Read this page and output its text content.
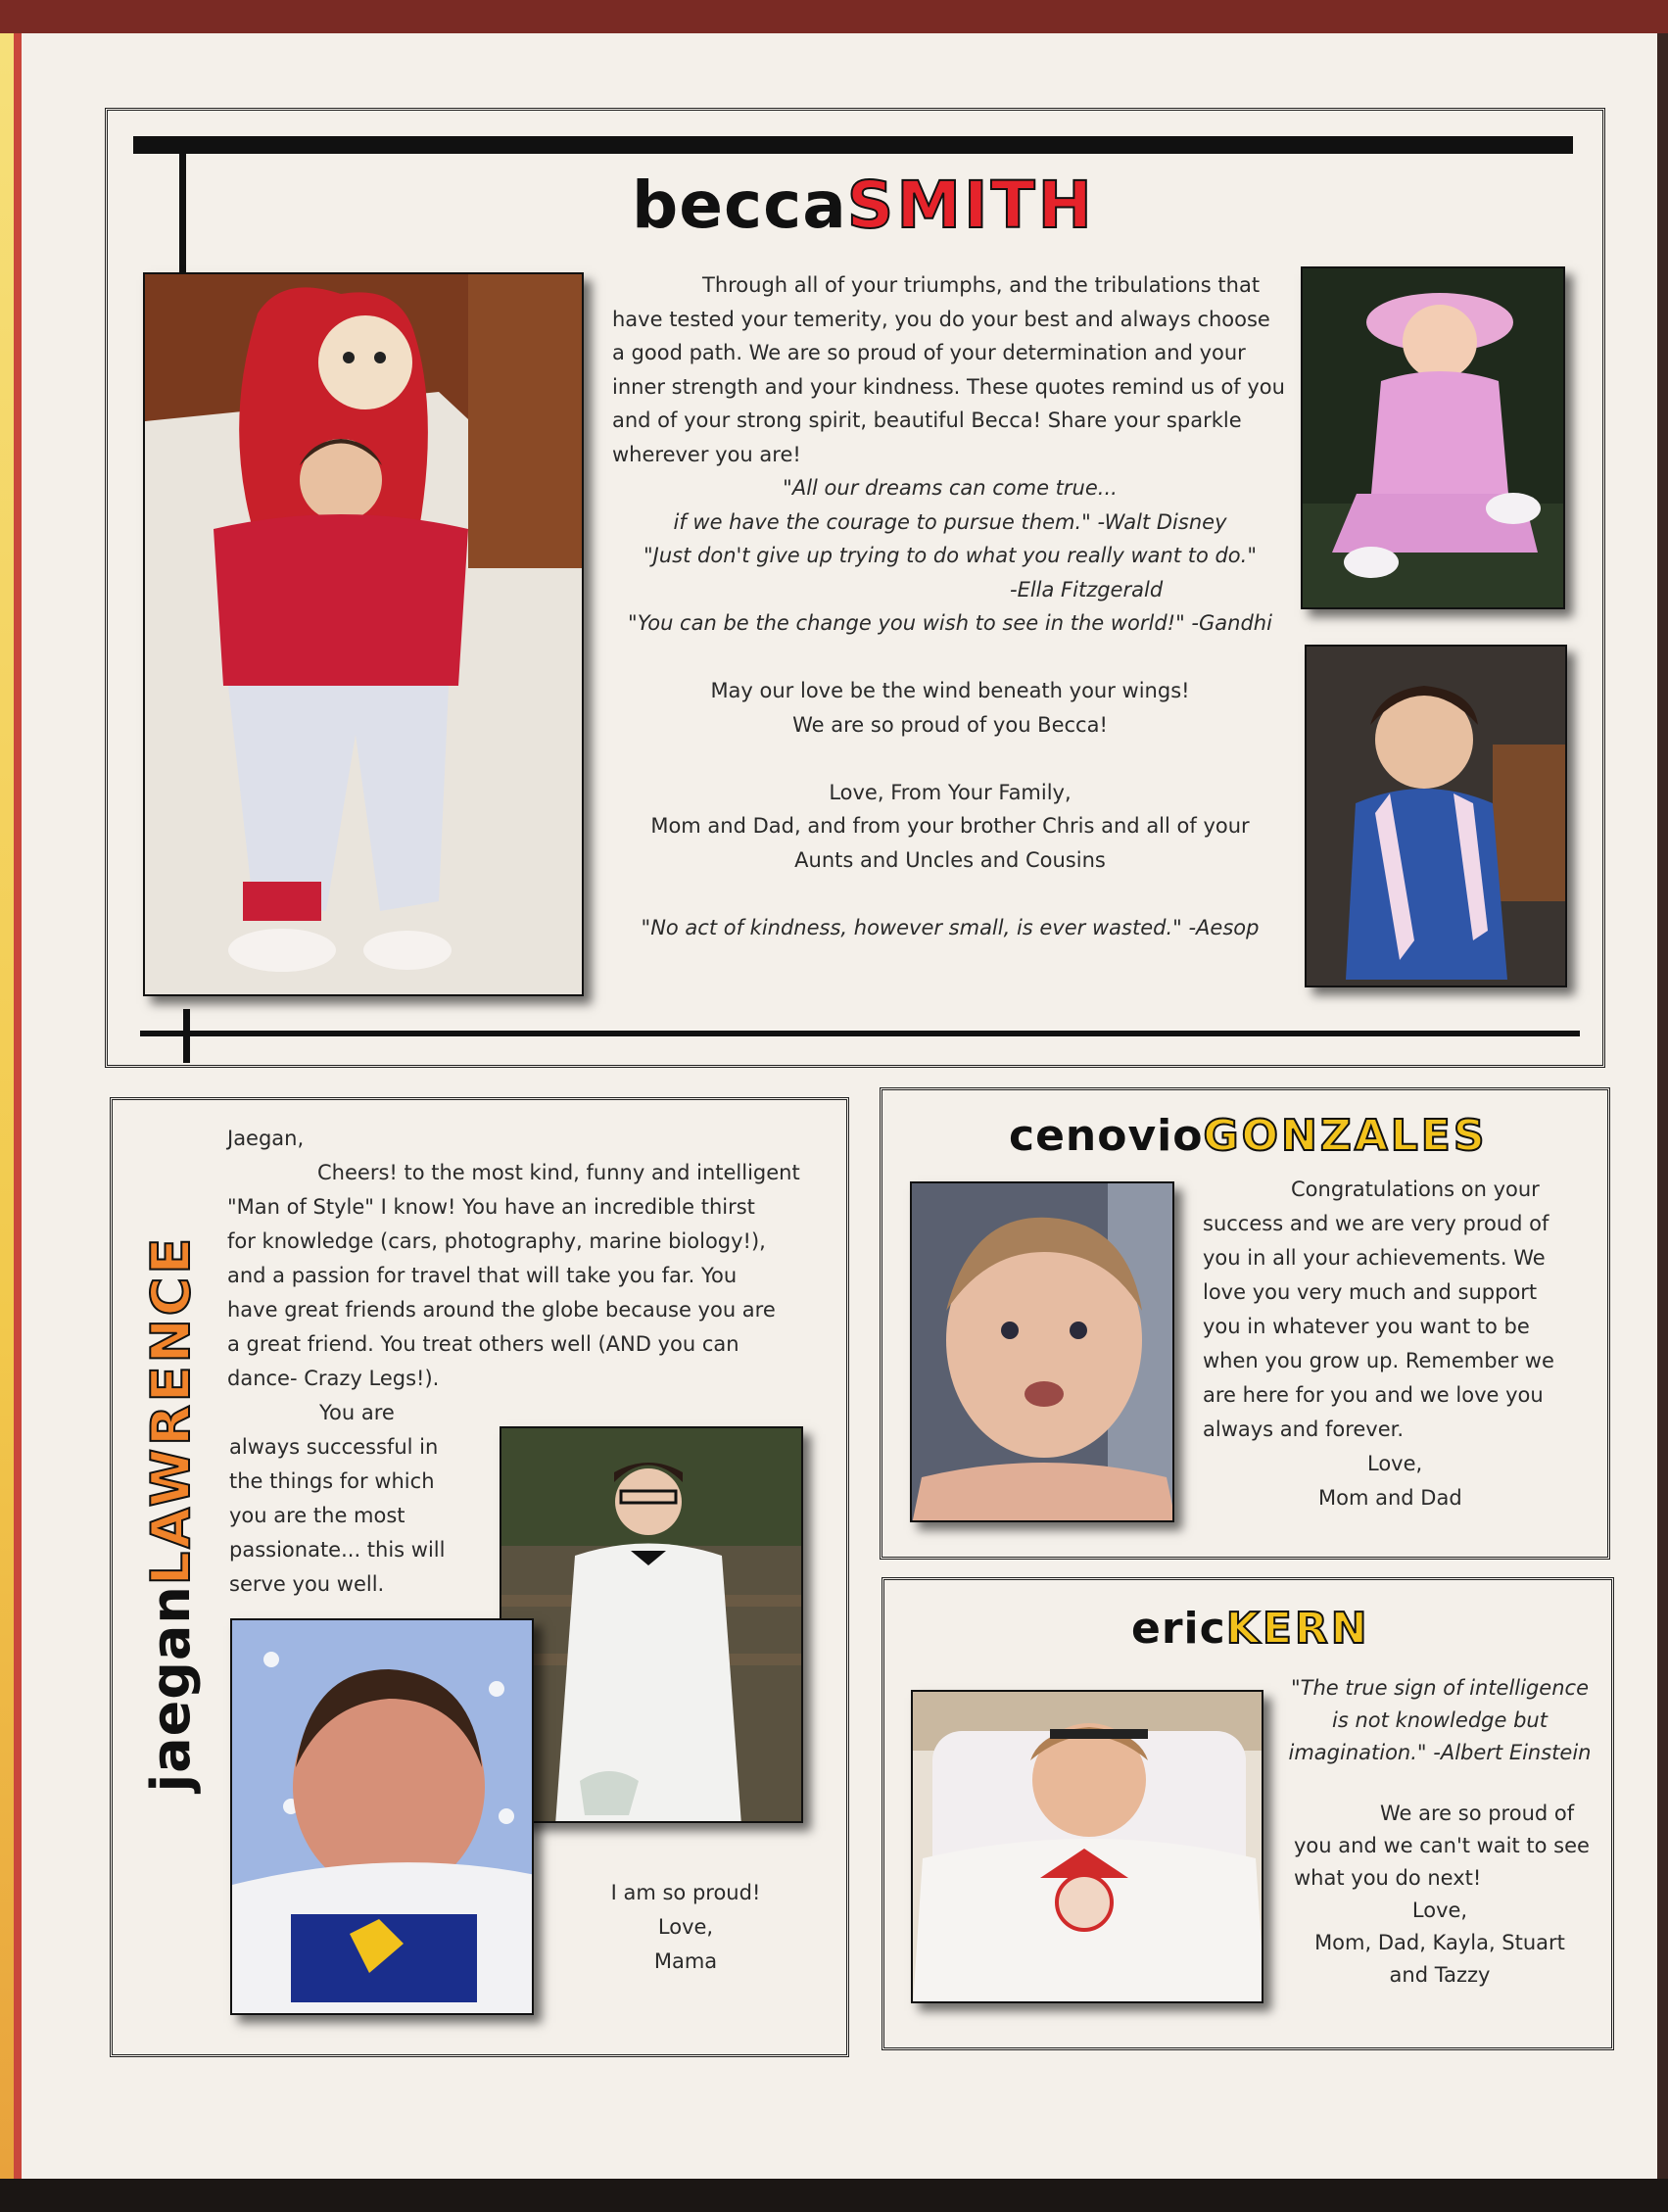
beccaSMITH

Through all of your triumphs, and the tribulations that

have tested your temerity, you do your best and always choose

a good path. We are so proud of your determination and your

inner strength and your kindness. These quotes remind us of you

and of your strong spirit, beautiful Becca! Share your sparkle

wherever you are!

"All our dreams can come true...

if we have the courage to pursue them." -Walt Disney

"Just don't give up trying to do what you really want to do."

-Ella Fitzgerald

"You can be the change you wish to see in the world!" -Gandhi

May our love be the wind beneath your wings!

We are so proud of you Becca!

Love, From Your Family,

Mom and Dad, and from your brother Chris and all of your

Aunts and Uncles and Cousins

"No act of kindness, however small, is ever wasted." -Aesop

jaeganLAWRENCE

Jaegan,

Cheers! to the most kind, funny and intelligent

"Man of Style" I know! You have an incredible thirst

for knowledge (cars, photography, marine biology!),

and a passion for travel that will take you far. You

have great friends around the globe because you are

a great friend. You treat others well (AND you can

dance- Crazy Legs!).

You are

always successful in

the things for which

you are the most

passionate... this will

serve you well.

I am so proud!

Love,

Mama

cenovioGONZALES

Congratulations on your

success and we are very proud of

you in all your achievements. We

love you very much and support

you in whatever you want to be

when you grow up. Remember we

are here for you and we love you

always and forever.

Love,

Mom and Dad

ericKERN

"The true sign of intelligence

is not knowledge but

imagination." -Albert Einstein

We are so proud of

you and we can't wait to see

what you do next!

Love,

Mom, Dad, Kayla, Stuart

and Tazzy
